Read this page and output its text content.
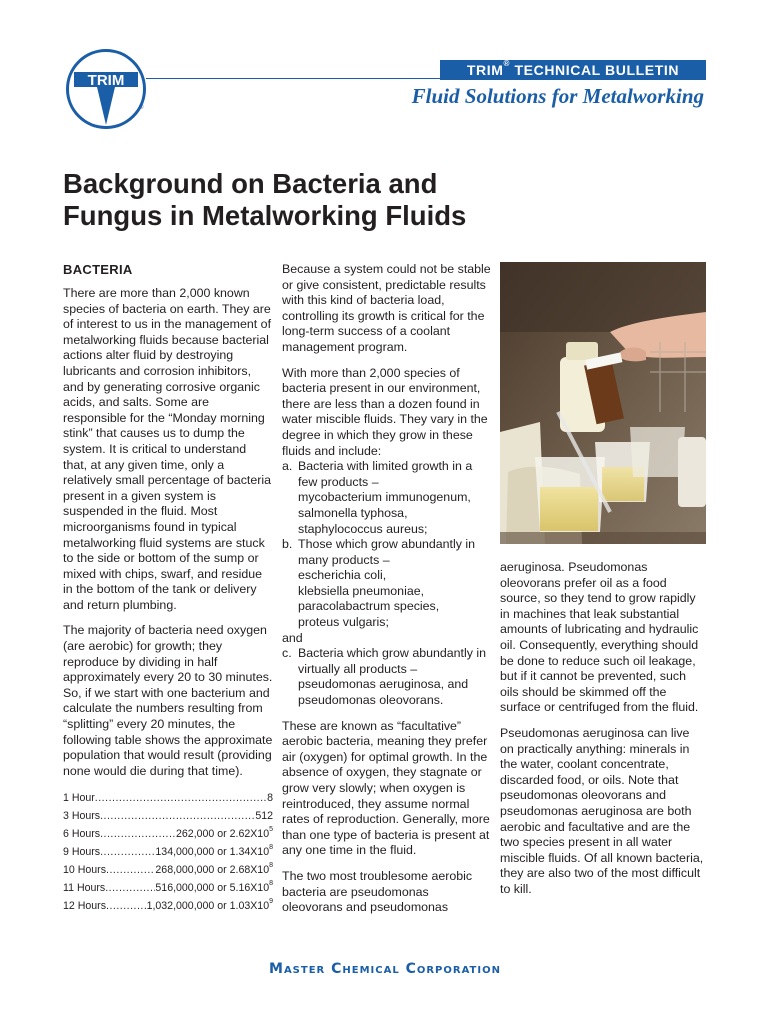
TRIM
®
TRIM® TECHNICAL BULLETIN
Fluid Solutions for Metalworking
Background on Bacteria and
Fungus in Metalworking Fluids
BACTERIA

There are more than 2,000 known species of bacteria on earth. They are of interest to us in the management of metalworking fluids because bacterial actions alter fluid by destroying lubricants and corrosion inhibitors, and by generating corrosive organic acids, and salts. Some are responsible for the “Monday morning stink” that causes us to dump the system. It is critical to understand that, at any given time, only a relatively small percentage of bacteria present in a given system is suspended in the fluid. Most microorganisms found in typical metalworking fluid systems are stuck to the side or bottom of the sump or mixed with chips, swarf, and residue in the bottom of the tank or delivery and return plumbing.

The majority of bacteria need oxygen (are aerobic) for growth; they reproduce by dividing in half approximately every 20 to 30 minutes. So, if we start with one bacterium and calculate the numbers resulting from “splitting” every 20 minutes, the following table shows the approximate population that would result (providing none would die during that time).

1 Hour .....	8
3 Hours .....	512
6 Hours .....	262,000 or $2.62X10^5$
9 Hours .....	134,000,000 or $1.34X10^8$
10 Hours .....	268,000,000 or $2.68X10^8$
11 Hours .....	516,000,000 or $5.16X10^8$
12 Hours .....	1,032,000,000 or $1.03X10^9$

Because a system could not be stable or give consistent, predictable results with this kind of bacteria load, controlling its growth is critical for the long-term success of a coolant management program.

With more than 2,000 species of bacteria present in our environment, there are less than a dozen found in water miscible fluids. They vary in the degree in which they grow in these fluids and include:

a. Bacteria with limited growth in a few products –
mycobacterium immunogenum,
salmonella typhosa,
staphylococcus aureus;
b. Those which grow abundantly in many products –
escherichia coli,
klebsiella pneumoniae,
paracolabactrum species,
proteus vulgaris;
and
c. Bacteria which grow abundantly in virtually all products – pseudomonas aeruginosa, and pseudomonas oleovorans.

These are known as “facultative” aerobic bacteria, meaning they prefer air (oxygen) for optimal growth. In the absence of oxygen, they stagnate or grow very slowly; when oxygen is reintroduced, they assume normal rates of reproduction. Generally, more than one type of bacteria is present at any one time in the fluid.

The two most troublesome aerobic bacteria are pseudomonas oleovorans and pseudomonas

aeruginosa. Pseudomonas oleovorans prefer oil as a food source, so they tend to grow rapidly in machines that leak substantial amounts of lubricating and hydraulic oil. Consequently, everything should be done to reduce such oil leakage, but if it cannot be prevented, such oils should be skimmed off the surface or centrifuged from the fluid.

Pseudomonas aeruginosa can live on practically anything: minerals in the water, coolant concentrate, discarded food, or oils. Note that pseudomonas oleovorans and pseudomonas aeruginosa are both aerobic and facultative and are the two species present in all water miscible fluids. Of all known bacteria, they are also two of the most difficult to kill.

Master Chemical Corporation
